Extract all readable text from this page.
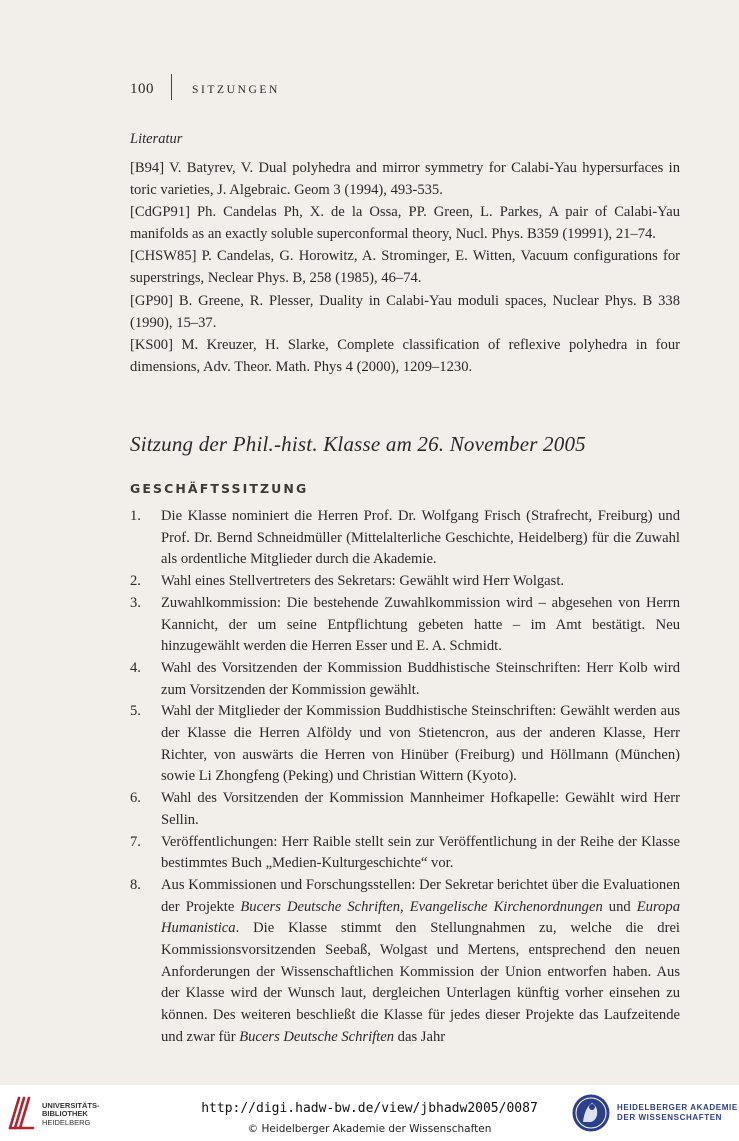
100	SITZUNGEN
Literatur

[B94] V. Batyrev, V. Dual polyhedra and mirror symmetry for Calabi-Yau hypersurfaces in toric varieties, J. Algebraic. Geom 3 (1994), 493-535.

[CdGP91] Ph. Candelas Ph, X. de la Ossa, PP. Green, L. Parkes, A pair of Calabi-Yau manifolds as an exactly soluble superconformal theory, Nucl. Phys. B359 (19991), 21–74.

[CHSW85] P. Candelas, G. Horowitz, A. Strominger, E. Witten, Vacuum configurations for superstrings, Neclear Phys. B, 258 (1985), 46–74.

[GP90] B. Greene, R. Plesser, Duality in Calabi-Yau moduli spaces, Nuclear Phys. B 338 (1990), 15–37.

[KS00] M. Kreuzer, H. Slarke, Complete classification of reflexive polyhedra in four dimensions, Adv. Theor. Math. Phys 4 (2000), 1209–1230.

Sitzung der Phil.-hist. Klasse am 26. November 2005
GESCHÄFTSSITZUNG
1. Die Klasse nominiert die Herren Prof. Dr. Wolfgang Frisch (Strafrecht, Freiburg) und Prof. Dr. Bernd Schneidmüller (Mittelalterliche Geschichte, Heidelberg) für die Zuwahl als ordentliche Mitglieder durch die Akademie.
2. Wahl eines Stellvertreters des Sekretars: Gewählt wird Herr Wolgast.
3. Zuwahlkommission: Die bestehende Zuwahlkommission wird – abgesehen von Herrn Kannicht, der um seine Entpflichtung gebeten hatte – im Amt bestätigt. Neu hinzugewählt werden die Herren Esser und E. A. Schmidt.
4. Wahl des Vorsitzenden der Kommission Buddhistische Steinschriften: Herr Kolb wird zum Vorsitzenden der Kommission gewählt.
5. Wahl der Mitglieder der Kommission Buddhistische Steinschriften: Gewählt werden aus der Klasse die Herren Alföldy und von Stietencron, aus der anderen Klasse, Herr Richter, von auswärts die Herren von Hinüber (Freiburg) und Höllmann (München) sowie Li Zhongfeng (Peking) und Christian Wittern (Kyoto).
6. Wahl des Vorsitzenden der Kommission Mannheimer Hofkapelle: Gewählt wird Herr Sellin.
7. Veröffentlichungen: Herr Raible stellt sein zur Veröffentlichung in der Reihe der Klasse bestimmtes Buch „Medien-Kulturgeschichte“ vor.
8. Aus Kommissionen und Forschungsstellen: Der Sekretar berichtet über die Evaluationen der Projekte Bucers Deutsche Schriften, Evangelische Kirchenordnungen und Europa Humanistica. Die Klasse stimmt den Stellungnahmen zu, welche die drei Kommissionsvorsitzenden Seebaß, Wolgast und Mertens, entsprechend den neuen Anforderungen der Wissenschaftlichen Kommission der Union entworfen haben. Aus der Klasse wird der Wunsch laut, dergleichen Unterlagen künftig vorher einsehen zu können. Des weiteren beschließt die Klasse für jedes dieser Projekte das Laufzeitende und zwar für Bucers Deutsche Schriften das Jahr
UNIVERSITÄTS-
BIBLIOTHEK
HEIDELBERG
http://digi.hadw-bw.de/view/jbhadw2005/0087
© Heidelberger Akademie der Wissenschaften
HEIDELBERGER AKADEMIE
DER WISSENSCHAFTEN
